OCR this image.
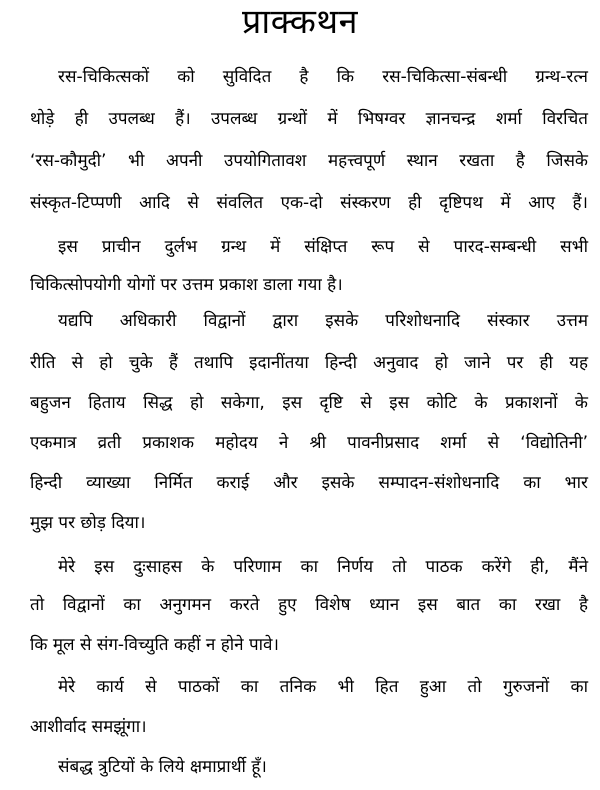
प्राक्कथन
रस-चिकित्सकों को सुविदित है कि रस-चिकित्सा-संबन्धी ग्रन्थ-रत्न
थोड़े ही उपलब्ध हैं। उपलब्ध ग्रन्थों में भिषग्वर ज्ञानचन्द्र शर्मा विरचित
‘रस-कौमुदी’ भी अपनी उपयोगितावश महत्त्वपूर्ण स्थान रखता है जिसके
संस्कृत-टिप्पणी आदि से संवलित एक-दो संस्करण ही दृष्टिपथ में आए हैं।
इस प्राचीन दुर्लभ ग्रन्थ में संक्षिप्त रूप से पारद-सम्बन्धी सभी
चिकित्सोपयोगी योगों पर उत्तम प्रकाश डाला गया है।
यद्यपि अधिकारी विद्वानों द्वारा इसके परिशोधनादि संस्कार उत्तम
रीति से हो चुके हैं तथापि इदानींतया हिन्दी अनुवाद हो जाने पर ही यह
बहुजन हिताय सिद्ध हो सकेगा, इस दृष्टि से इस कोटि के प्रकाशनों के
एकमात्र व्रती प्रकाशक महोदय ने श्री पावनीप्रसाद शर्मा से ‘विद्योतिनी’
हिन्दी व्याख्या निर्मित कराई और इसके सम्पादन-संशोधनादि का भार
मुझ पर छोड़ दिया।
मेरे इस दुःसाहस के परिणाम का निर्णय तो पाठक करेंगे ही, मैंने
तो विद्वानों का अनुगमन करते हुए विशेष ध्यान इस बात का रखा है
कि मूल से संग-विच्युति कहीं न होने पावे।
मेरे कार्य से पाठकों का तनिक भी हित हुआ तो गुरुजनों का
आशीर्वाद समझूंगा।
संबद्ध त्रुटियों के लिये क्षमाप्रार्थी हूँ।
